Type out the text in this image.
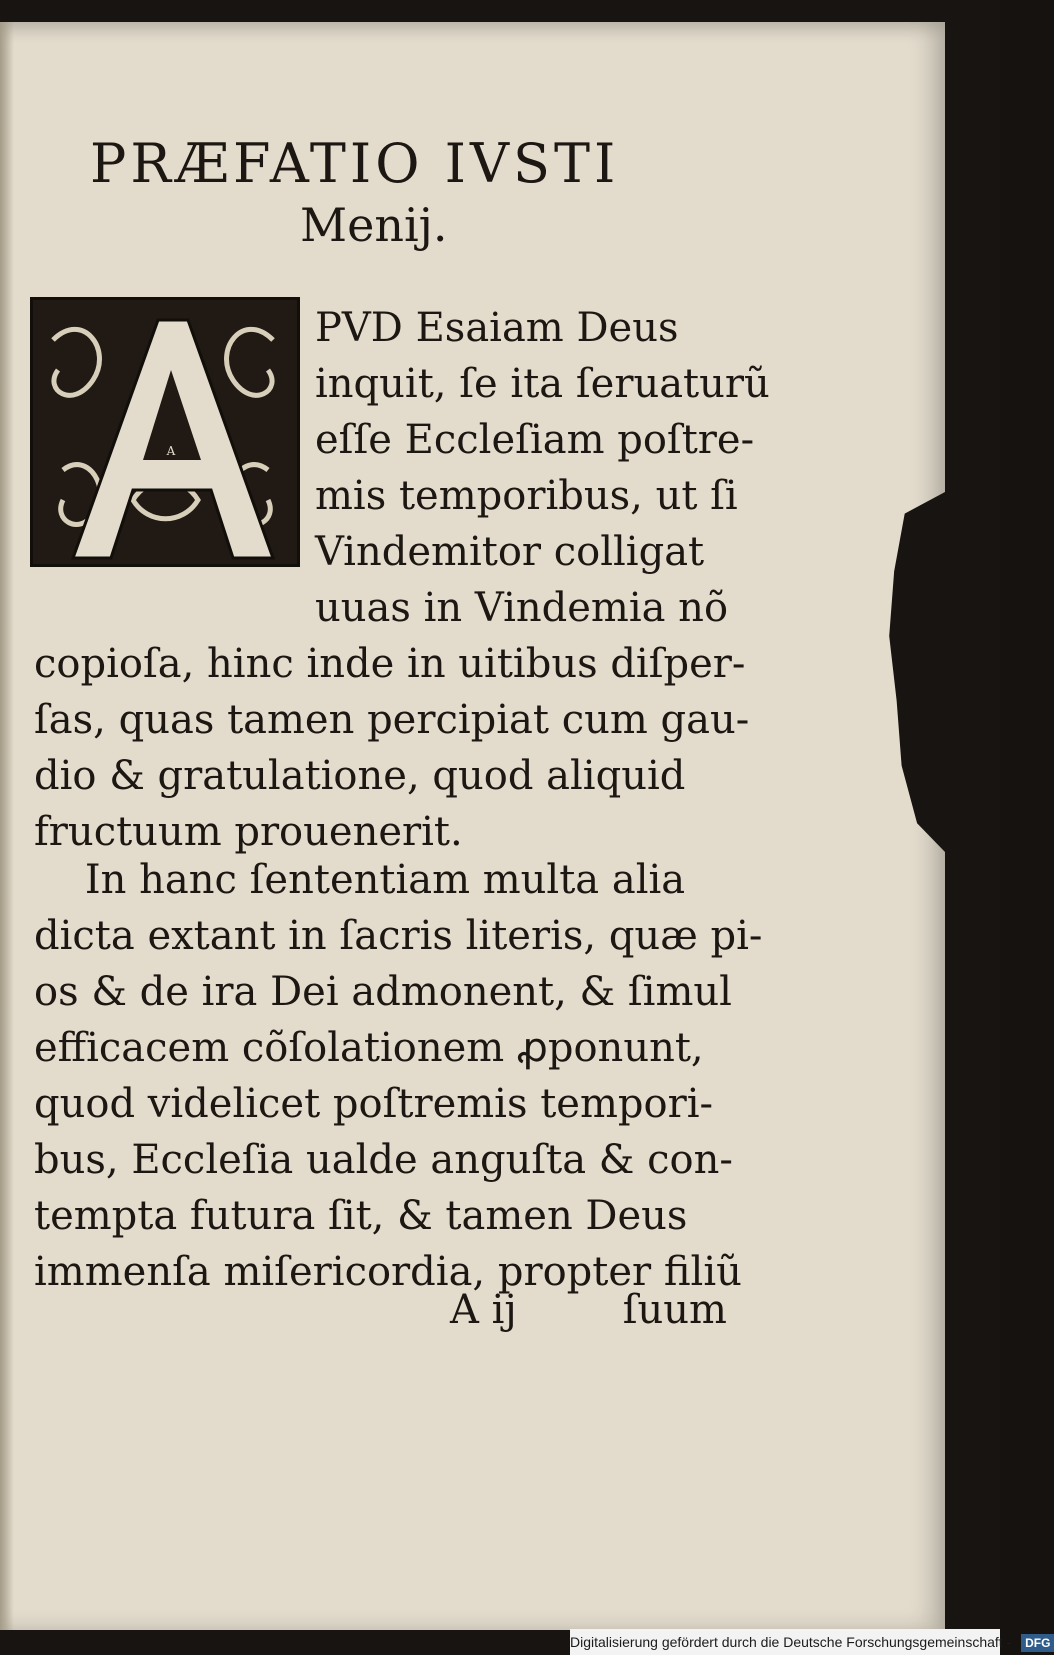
PRÆFATIO IVSTI
Menij.
A
PVD Esaiam Deus
inquit, ſe ita ſeruaturũ
eſſe Eccleſiam poſtre-
mis temporibus, ut ſi
Vindemitor colligat
uuas in Vindemia nõ
copioſa, hinc inde in uitibus diſper-
ſas, quas tamen percipiat cum gau-
dio & gratulatione, quod aliquid
fructuum prouenerit.
In hanc ſententiam multa alia
dicta extant in ſacris literis, quæ pi-
os & de ira Dei admonent, & ſimul
efficacem cõſolationem ꝓponunt,
quod videlicet poſtremis tempori-
bus, Eccleſia ualde anguſta & con-
tempta futura ſit, & tamen Deus
immenſa miſericordia, propter filiũ
A ij	ſuum
Digitalisierung gefördert durch die Deutsche Forschungsgemeinschaft - DFG
